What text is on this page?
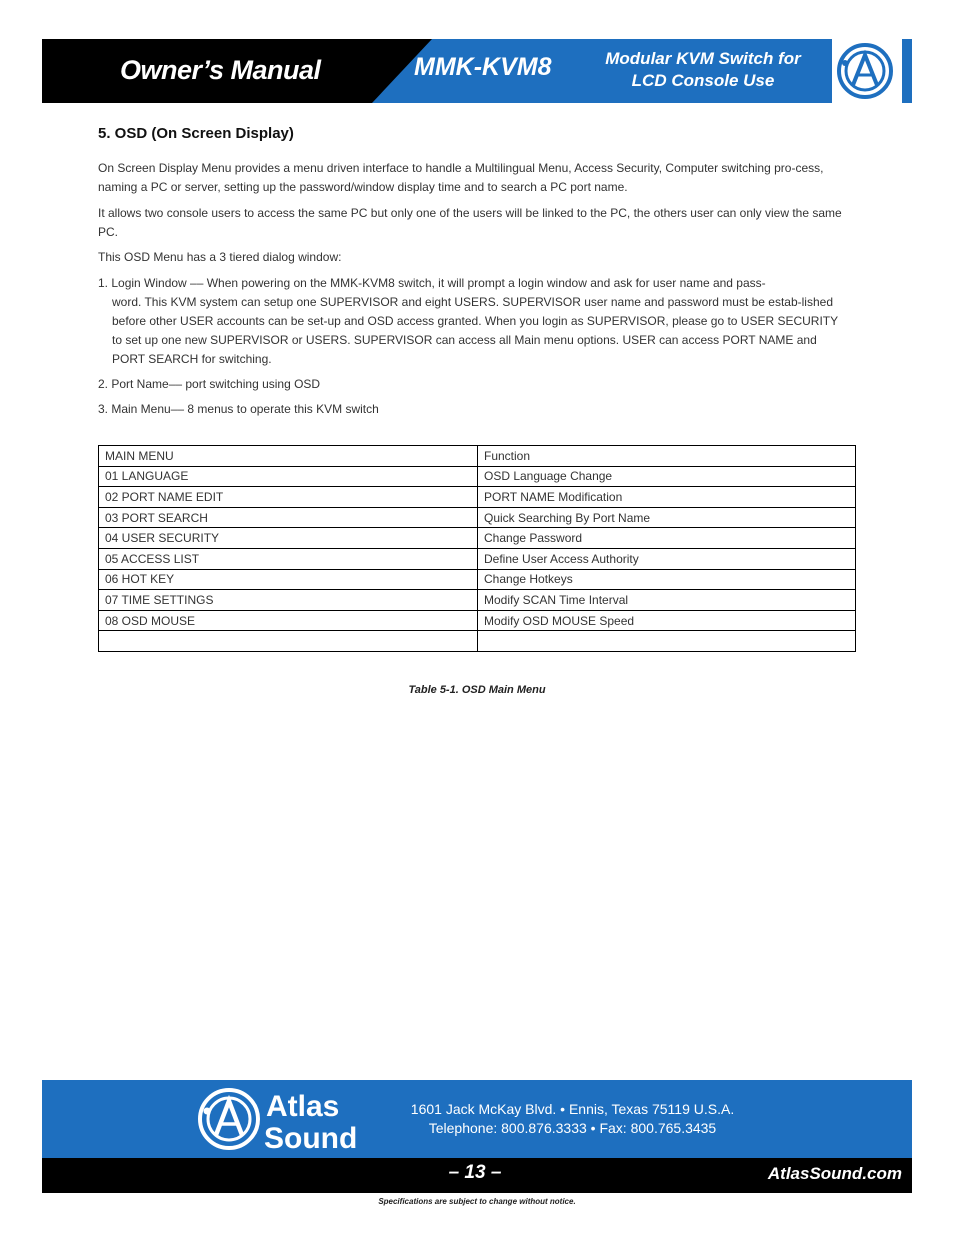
Owner’s Manual	MMK-KVM8	Modular KVM Switch for
LCD Console Use
5. OSD (On Screen Display)

On Screen Display Menu provides a menu driven interface to handle a Multilingual Menu, Access Security, Computer switching pro-cess, naming a PC or server, setting up the password/window display time and to search a PC port name.

It allows two console users to access the same PC but only one of the users will be linked to the PC, the others user can only view the same PC.

This OSD Menu has a 3 tiered dialog window:

1. Login Window –– When powering on the MMK-KVM8 switch, it will prompt a login window and ask for user name and pass-
word. This KVM system can setup one SUPERVISOR and eight USERS. SUPERVISOR user name and password must be estab-lished before other USER accounts can be set-up and OSD access granted. When you login as SUPERVISOR, please go to USER SECURITY to set up one new SUPERVISOR or USERS. SUPERVISOR can access all Main menu options. USER can access PORT NAME and PORT SEARCH for switching.

2. Port Name–– port switching using OSD

3. Main Menu–– 8 menus to operate this KVM switch

MAIN MENU	Function
01 LANGUAGE	OSD Language Change
02 PORT NAME EDIT	PORT NAME Modification
03 PORT SEARCH	Quick Searching By Port Name
04 USER SECURITY	Change Password
05 ACCESS LIST	Define User Access Authority
06 HOT KEY	Change Hotkeys
07 TIME SETTINGS	Modify SCAN Time Interval
08 OSD MOUSE	Modify OSD MOUSE Speed

Table 5-1. OSD Main Menu
Atlas
Sound
1601 Jack McKay Blvd. • Ennis, Texas 75119 U.S.A.
Telephone: 800.876.3333 • Fax: 800.765.3435
– 13 –	AtlasSound.com
Specifications are subject to change without notice.
